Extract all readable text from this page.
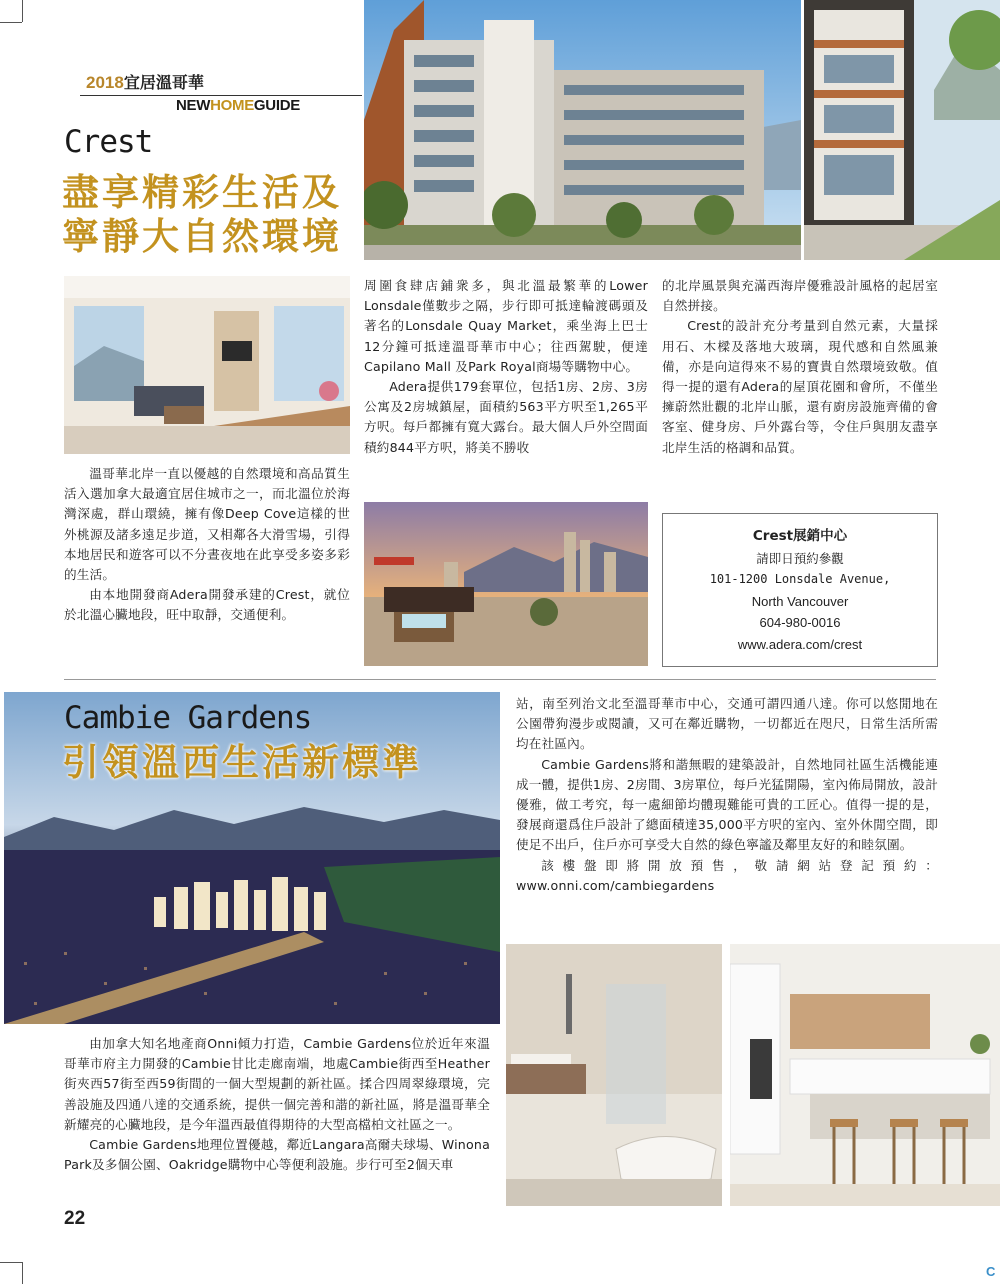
2018宜居溫哥華
NEWHOMEGUIDE
Crest
盡享精彩生活及
寧靜大自然環境

溫哥華北岸一直以優越的自然環境和高品質生活入選加拿大最適宜居住城市之一，而北溫位於海灣深處，群山環繞，擁有像Deep Cove這樣的世外桃源及諸多遠足步道，又相鄰各大滑雪場，引得本地居民和遊客可以不分晝夜地在此享受多姿多彩的生活。

由本地開發商Adera開發承建的Crest，就位於北溫心臟地段，旺中取靜，交通便利。

周圍食肆店鋪衆多，與北溫最繁華的Lower Lonsdale僅數步之隔，步行即可抵達輪渡碼頭及著名的Lonsdale Quay Market，乘坐海上巴士12分鐘可抵達溫哥華市中心；往西駕駛，便達Capilano Mall 及Park Royal商場等購物中心。

Adera提供179套單位，包括1房、2房、3房公寓及2房城鎮屋，面積約563平方呎至1,265平方呎。每戶都擁有寬大露台。最大個人戶外空間面積約844平方呎，將美不勝收

的北岸風景與充滿西海岸優雅設計風格的起居室自然拼接。

Crest的設計充分考量到自然元素，大量採用石、木樑及落地大玻璃，現代感和自然風兼備，亦是向這得來不易的寶貴自然環境致敬。值得一提的還有Adera的屋頂花園和會所，不僅坐擁蔚然壯觀的北岸山脈，還有廚房設施齊備的會客室、健身房、戶外露台等，令住戶與朋友盡享北岸生活的格調和品質。

Crest展銷中心
請即日預約參觀
101-1200 Lonsdale Avenue,
North Vancouver
604-980-0016
www.adera.com/crest
Cambie Gardens
引領溫西生活新標準

由加拿大知名地產商Onni傾力打造，Cambie Gardens位於近年來溫哥華市府主力開發的Cambie甘比走廊南端，地處Cambie街西至Heather街夾西57街至西59街間的一個大型規劃的新社區。揉合四周翠綠環境，完善設施及四通八達的交通系統，提供一個完善和諧的新社區，將是溫哥華全新耀亮的心臟地段，是今年溫西最值得期待的大型高檔柏文社區之一。

Cambie Gardens地理位置優越，鄰近Langara高爾夫球場、Winona Park及多個公園、Oakridge購物中心等便利設施。步行可至2個天車

站，南至列治文北至溫哥華市中心，交通可謂四通八達。你可以悠閒地在公園帶狗漫步或閱讀，又可在鄰近購物，一切都近在咫尺，日常生活所需均在社區內。

Cambie Gardens將和諧無暇的建築設計，自然地同社區生活機能連成一體，提供1房、2房間、3房單位，每戶光猛開陽，室內佈局開放，設計優雅，做工考究，每一處細節均體現難能可貴的工匠心。值得一提的是，發展商還爲住戶設計了總面積達35,000平方呎的室內、室外休閒空間，即使足不出戶，住戶亦可享受大自然的綠色寧謐及鄰里友好的和睦氛圍。

該樓盤即將開放預售，敬請網站登記預約：www.onni.com/cambiegardens

22
C
